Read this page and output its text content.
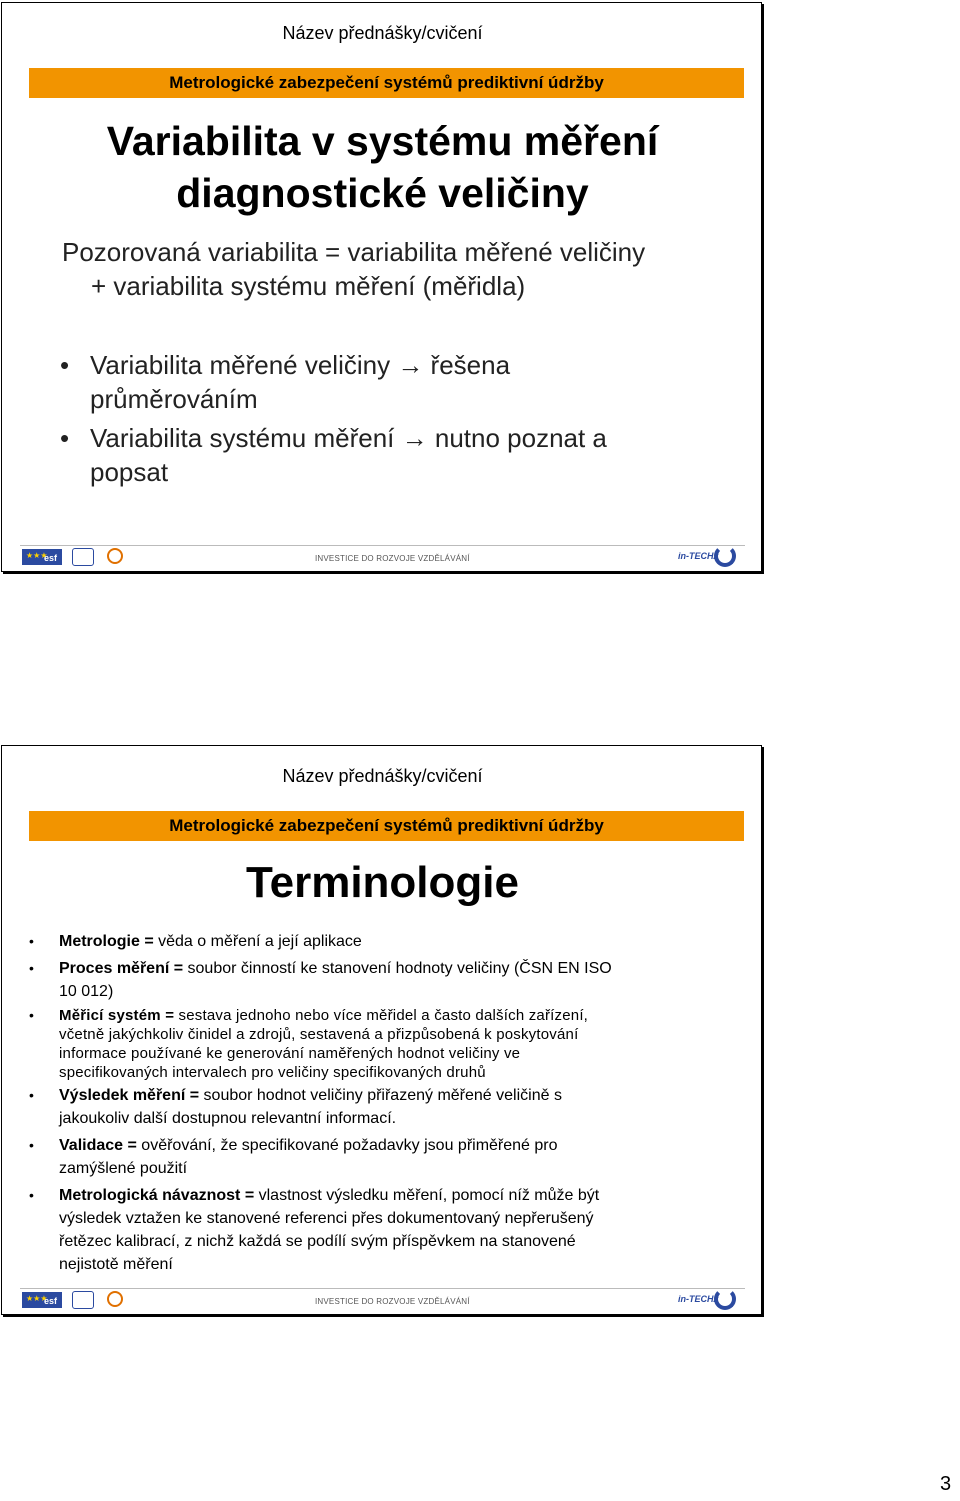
Název přednášky/cvičení
Metrologické zabezpečení systémů prediktivní údržby
Variabilita v systému měření
diagnostické veličiny
Pozorovaná variabilita = variabilita měřené veličiny
+ variabilita systému měření (měřidla)
• Variabilita měřené veličiny → řešena
průměrováním
• Variabilita systému měření → nutno poznat a
popsat
★★★
esf	INVESTICE DO ROZVOJE VZDĚLÁVÁNÍ	in-TECH2
Název přednášky/cvičení
Metrologické zabezpečení systémů prediktivní údržby
Terminologie
• Metrologie = věda o měření a její aplikace
• Proces měření = soubor činností ke stanovení hodnoty veličiny (ČSN EN ISO
10 012)
• Měřicí systém = sestava jednoho nebo více měřidel a často dalších zařízení,
včetně jakýchkoliv činidel a zdrojů, sestavená a přizpůsobená k poskytování
informace používané ke generování naměřených hodnot veličiny ve
specifikovaných intervalech pro veličiny specifikovaných druhů
• Výsledek měření = soubor hodnot veličiny přiřazený měřené veličině s
jakoukoliv další dostupnou relevantní informací.
• Validace = ověřování, že specifikované požadavky jsou přiměřené pro
zamýšlené použití
• Metrologická návaznost = vlastnost výsledku měření, pomocí níž může být
výsledek vztažen ke stanovené referenci přes dokumentovaný nepřerušený
řetězec kalibrací, z nichž každá se podílí svým příspěvkem na stanovené
nejistotě měření
★★★
esf	INVESTICE DO ROZVOJE VZDĚLÁVÁNÍ	in-TECH2
3
